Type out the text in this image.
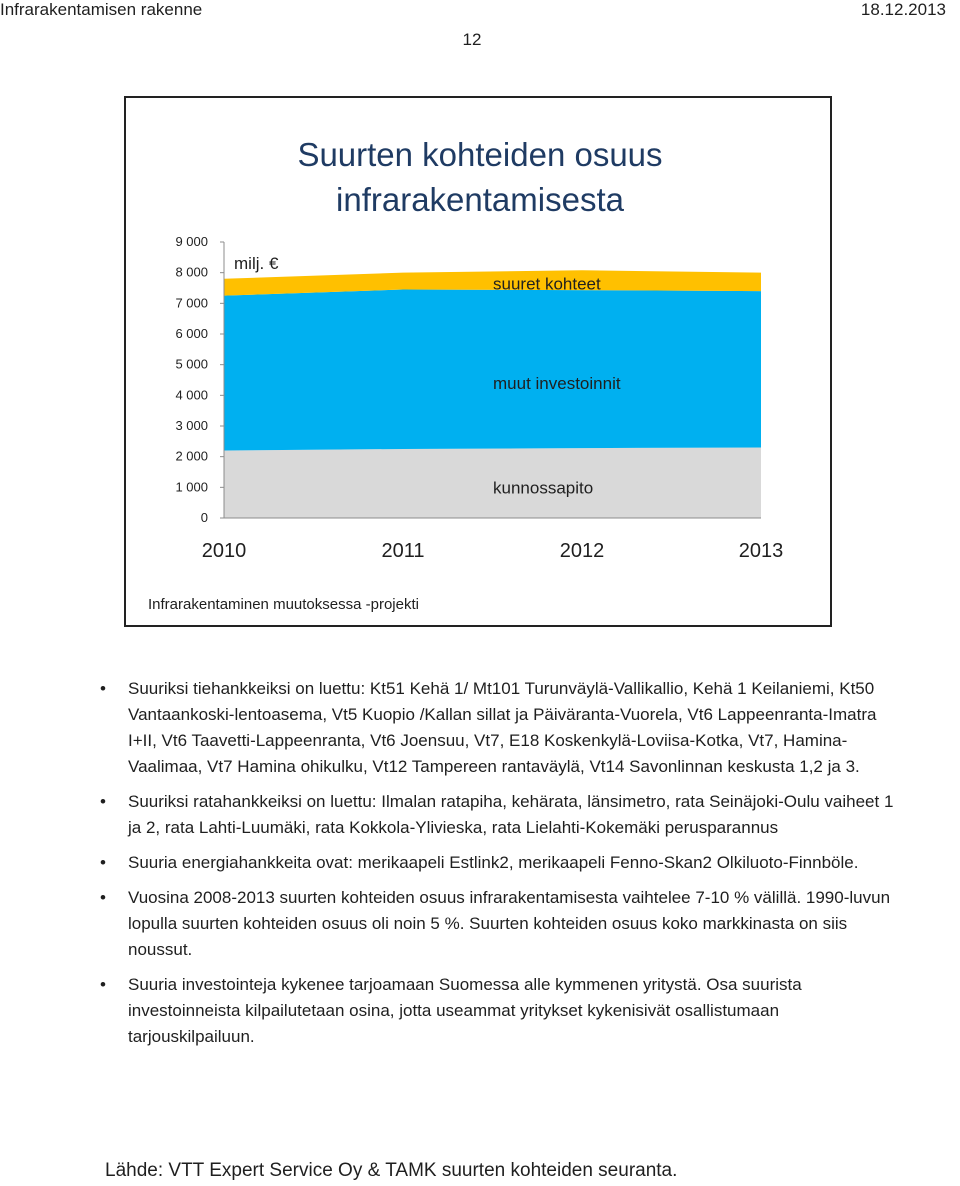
Infrarakentamisen rakenne	18.12.2013
12
Suurten kohteiden osuus
infrarakentamisesta
0
1 000
2 000
3 000
4 000
5 000
6 000
7 000
8 000
9 000
2010	2011	2012	2013
milj. €
kunnossapito
muut investoinnit
suuret kohteet
Infrarakentaminen muutoksessa -projekti
• Suuriksi tiehankkeiksi on luettu: Kt51 Kehä 1/ Mt101 Turunväylä-Vallikallio, Kehä 1 Keilaniemi, Kt50 Vantaankoski-lentoasema, Vt5 Kuopio /Kallan sillat ja Päiväranta-Vuorela, Vt6 Lappeenranta-Imatra I+II, Vt6 Taavetti-Lappeenranta, Vt6 Joensuu, Vt7, E18 Koskenkylä-Loviisa-Kotka, Vt7, Hamina-Vaalimaa, Vt7 Hamina ohikulku, Vt12 Tampereen rantaväylä, Vt14 Savonlinnan keskusta 1,2 ja 3.
• Suuriksi ratahankkeiksi on luettu: Ilmalan ratapiha, kehärata, länsimetro, rata Seinäjoki-Oulu vaiheet 1 ja 2, rata Lahti-Luumäki, rata Kokkola-Ylivieska, rata Lielahti-Kokemäki perusparannus
• Suuria energiahankkeita ovat: merikaapeli Estlink2, merikaapeli Fenno-Skan2 Olkiluoto-Finnböle.
• Vuosina 2008-2013 suurten kohteiden osuus infrarakentamisesta vaihtelee 7-10 % välillä. 1990-luvun lopulla suurten kohteiden osuus oli noin 5 %. Suurten kohteiden osuus koko markkinasta on siis noussut.
• Suuria investointeja kykenee tarjoamaan Suomessa alle kymmenen yritystä. Osa suurista investoinneista kilpailutetaan osina, jotta useammat yritykset kykenisivät osallistumaan tarjouskilpailuun.
Lähde: VTT Expert Service Oy & TAMK suurten kohteiden seuranta.
